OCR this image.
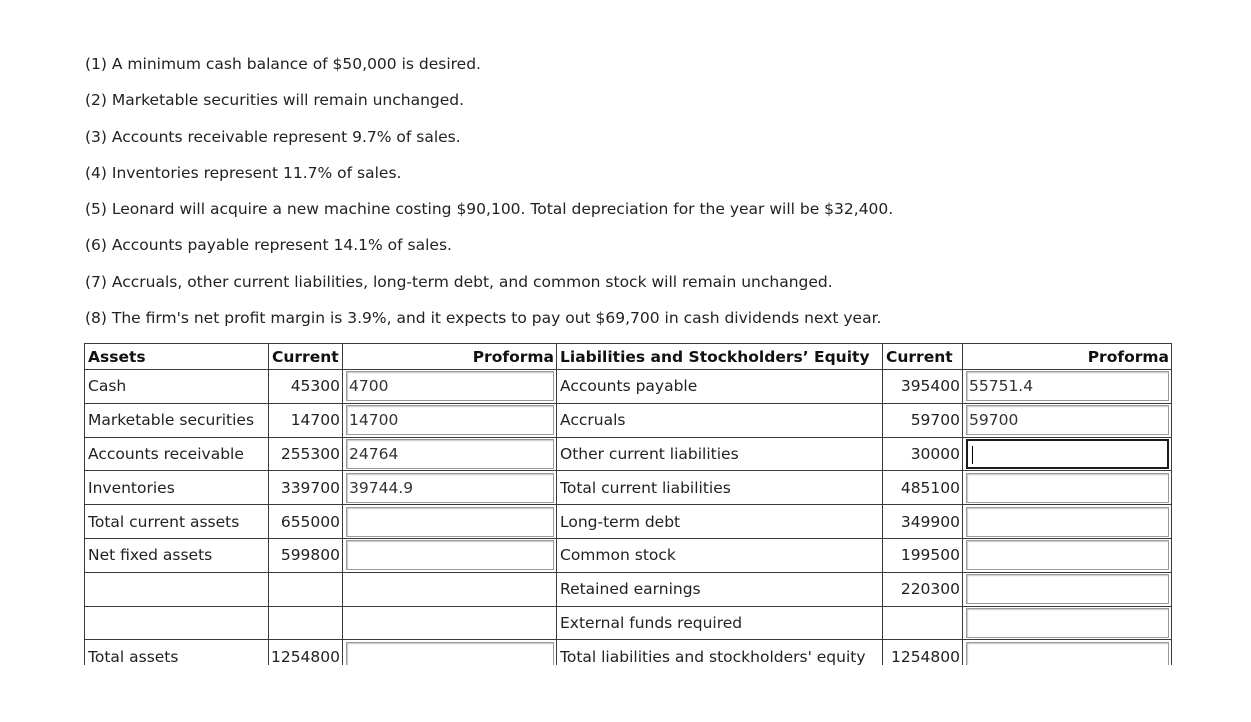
(1) A minimum cash balance of $50,000 is desired.
(2) Marketable securities will remain unchanged.
(3) Accounts receivable represent 9.7% of sales.
(4) Inventories represent 11.7% of sales.
(5) Leonard will acquire a new machine costing $90,100. Total depreciation for the year will be $32,400.
(6) Accounts payable represent 14.1% of sales.
(7) Accruals, other current liabilities, long-term debt, and common stock will remain unchanged.
(8) The firm's net profit margin is 3.9%, and it expects to pay out $69,700 in cash dividends next year.
Assets	Current	Proforma	Liabilities and Stockholders’ Equity	Current	Proforma
Cash	45300	4700	Accounts payable	395400	55751.4

Marketable securities	14700	14700	Accruals	59700	59700

Accounts receivable	255300	24764	Other current liabilities	30000	

Inventories	339700	39744.9	Total current liabilities	485100	

Total current assets	655000		Long-term debt	349900	

Net fixed assets	599800		Common stock	199500	

			Retained earnings	220300	

			External funds required		

Total assets	1254800		Total liabilities and stockholders' equity	1254800	
